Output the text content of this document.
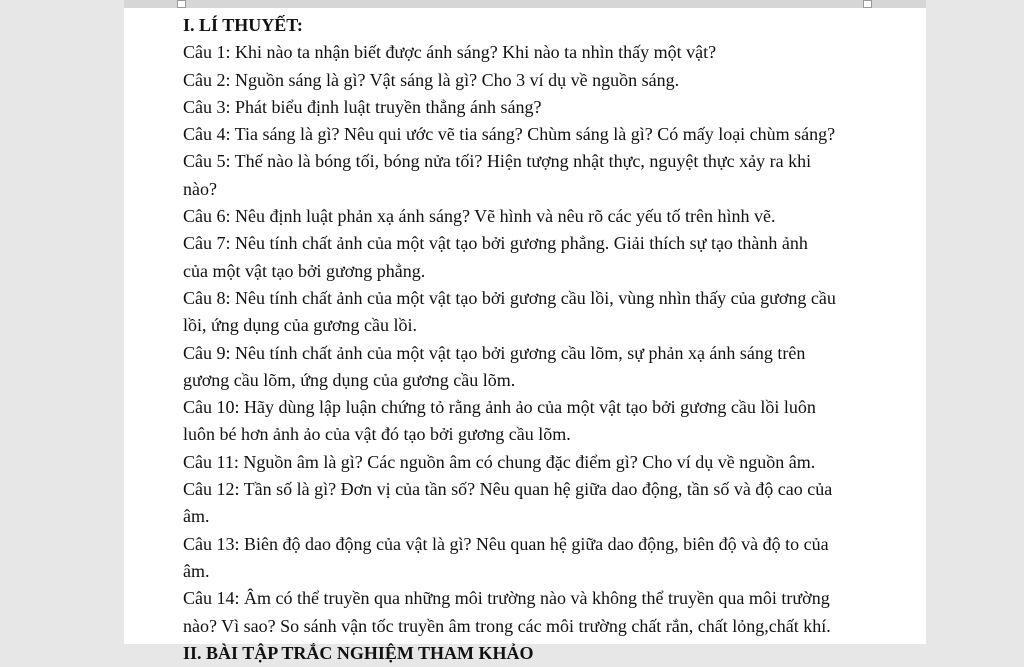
I. LÍ THUYẾT:

Câu 1: Khi nào ta nhận biết được ánh sáng? Khi nào ta nhìn thấy một vật?

Câu 2: Nguồn sáng là gì? Vật sáng là gì? Cho 3 ví dụ về nguồn sáng.

Câu 3: Phát biểu định luật truyền thẳng ánh sáng?

Câu 4: Tia sáng là gì? Nêu qui ước vẽ tia sáng? Chùm sáng là gì? Có mấy loại chùm sáng?

Câu 5: Thế nào là bóng tối, bóng nửa tối? Hiện tượng nhật thực, nguyệt thực xảy ra khi

nào?

Câu 6: Nêu định luật phản xạ ánh sáng? Vẽ hình và nêu rõ các yếu tố trên hình vẽ.

Câu 7: Nêu tính chất ảnh của một vật tạo bởi gương phẳng. Giải thích sự tạo thành ảnh

của một vật tạo bởi gương phẳng.

Câu 8: Nêu tính chất ảnh của một vật tạo bởi gương cầu lồi, vùng nhìn thấy của gương cầu

lồi, ứng dụng của gương cầu lồi.

Câu 9: Nêu tính chất ảnh của một vật tạo bởi gương cầu lõm, sự phản xạ ánh sáng trên

gương cầu lõm, ứng dụng của gương cầu lõm.

Câu 10: Hãy dùng lập luận chứng tỏ rằng ảnh ảo của một vật tạo bởi gương cầu lồi luôn

luôn bé hơn ảnh ảo của vật đó tạo bởi gương cầu lõm.

Câu 11: Nguồn âm là gì? Các nguồn âm có chung đặc điểm gì? Cho ví dụ về nguồn âm.

Câu 12: Tần số là gì? Đơn vị của tần số? Nêu quan hệ giữa dao động, tần số và độ cao của

âm.

Câu 13: Biên độ dao động của vật là gì? Nêu quan hệ giữa dao động, biên độ và độ to của

âm.

Câu 14: Âm có thể truyền qua những môi trường nào và không thể truyền qua môi trường

nào? Vì sao? So sánh vận tốc truyền âm trong các môi trường chất rắn, chất lỏng,chất khí.

II. BÀI TẬP TRẮC NGHIỆM THAM KHẢO
